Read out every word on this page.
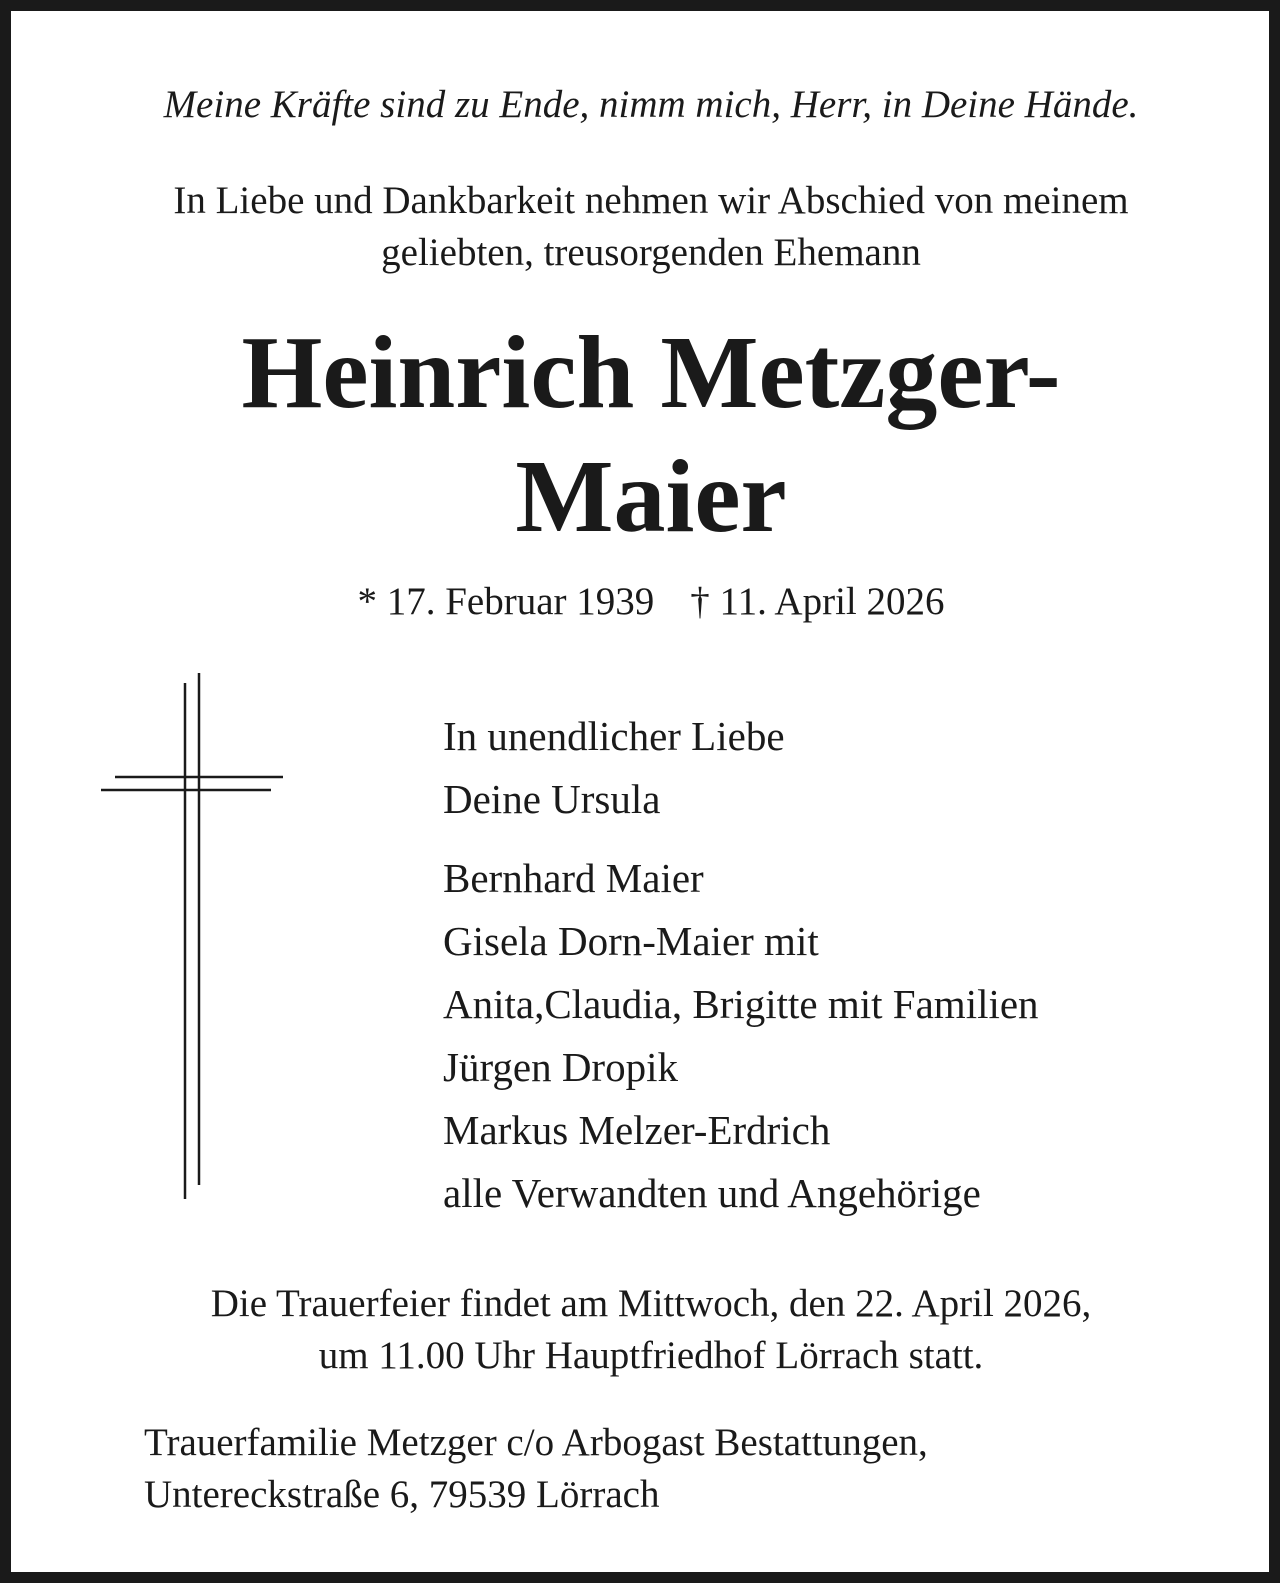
Meine Kräfte sind zu Ende, nimm mich, Herr, in Deine Hände.
In Liebe und Dankbarkeit nehmen wir Abschied von meinem
geliebten, treusorgenden Ehemann
Heinrich Metzger-
Maier
* 17. Februar 1939 † 11. April 2026
In unendlicher Liebe
Deine Ursula
Bernhard Maier
Gisela Dorn-Maier mit
Anita,Claudia, Brigitte mit Familien
Jürgen Dropik
Markus Melzer-Erdrich
alle Verwandten und Angehörige
Die Trauerfeier findet am Mittwoch, den 22. April 2026,
um 11.00 Uhr Hauptfriedhof Lörrach statt.
Trauerfamilie Metzger c/o Arbogast Bestattungen,
Untereckstraße 6, 79539 Lörrach
